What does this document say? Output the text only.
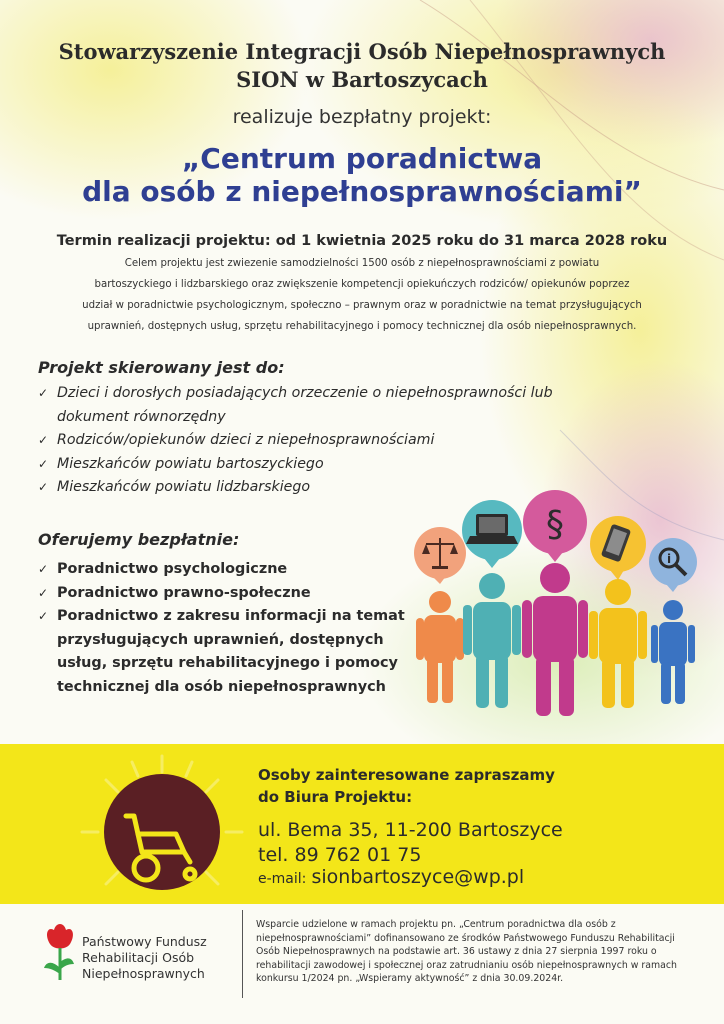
Stowarzyszenie Integracji Osób Niepełnosprawnych
SION w Bartoszycach
realizuje bezpłatny projekt:
„Centrum poradnictwa
dla osób z niepełnosprawnościami”
Termin realizacji projektu: od 1 kwietnia 2025 roku do 31 marca 2028 roku
Celem projektu jest zwiezenie samodzielności 1500 osób z niepełnosprawnościami z powiatu
bartoszyckiego i lidzbarskiego oraz zwiększenie kompetencji opiekuńczych rodziców/ opiekunów poprzez
udział w poradnictwie psychologicznym, społeczno – prawnym oraz w poradnictwie na temat przysługujących
uprawnień, dostępnych usług, sprzętu rehabilitacyjnego i pomocy technicznej dla osób niepełnosprawnych.
Projekt skierowany jest do:
✓ Dzieci i dorosłych posiadających orzeczenie o niepełnosprawności lub dokument równorzędny
✓ Rodziców/opiekunów dzieci z niepełnosprawnościami
✓ Mieszkańców powiatu bartoszyckiego
✓ Mieszkańców powiatu lidzbarskiego
Oferujemy bezpłatnie:
✓ Poradnictwo psychologiczne
✓ Poradnictwo prawno-społeczne
✓ Poradnictwo z zakresu informacji na temat przysługujących uprawnień, dostępnych usług, sprzętu rehabilitacyjnego i pomocy technicznej dla osób niepełnosprawnych
§
i
Osoby zainteresowane zapraszamy
do Biura Projektu:
ul. Bema 35, 11-200 Bartoszyce
tel. 89 762 01 75
e-mail: sionbartoszyce@wp.pl
Państwowy Fundusz
Rehabilitacji Osób
Niepełnosprawnych
Wsparcie udzielone w ramach projektu pn. „Centrum poradnictwa dla osób z niepełnosprawnościami” dofinansowano ze środków Państwowego Funduszu Rehabilitacji Osób Niepełnosprawnych na podstawie art. 36 ustawy z dnia 27 sierpnia 1997 roku o rehabilitacji zawodowej i społecznej oraz zatrudnianiu osób niepełnosprawnych w ramach konkursu 1/2024 pn. „Wspieramy aktywność” z dnia 30.09.2024r.
